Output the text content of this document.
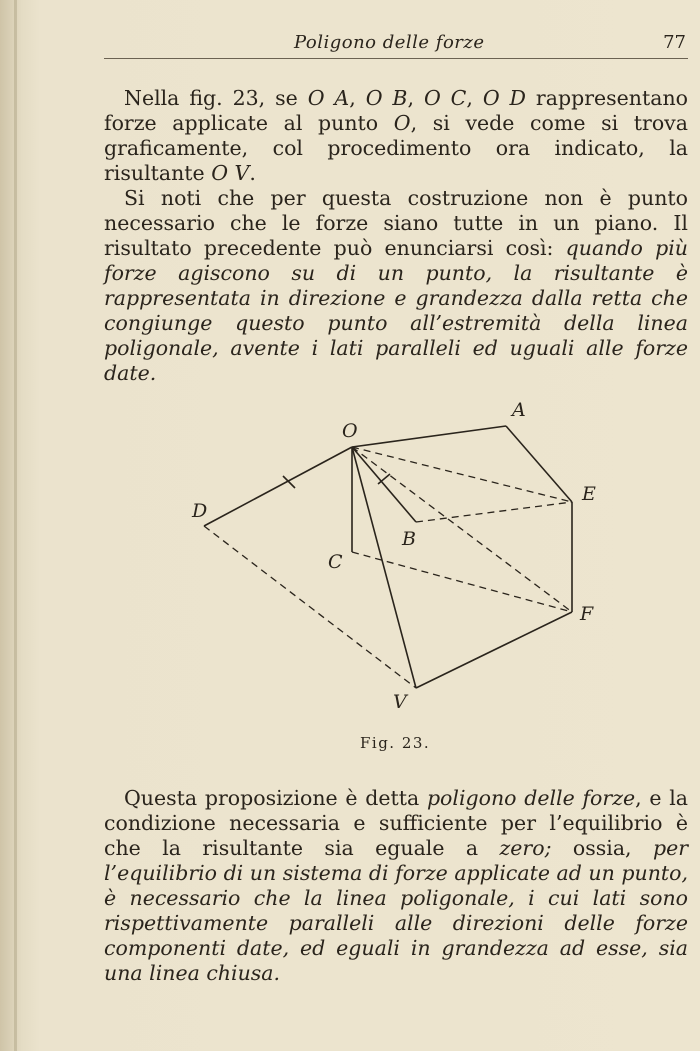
Poligono delle forze	77

Nella fig. 23, se O A, O B, O C, O D rappresentano forze applicate al punto O, si vede come si trova graficamente, col procedimento ora indicato, la risultante O V.

Si noti che per questa costruzione non è punto necessario che le forze siano tutte in un piano. Il risultato precedente può enunciarsi così: quando più forze agiscono su di un punto, la risultante è rappresentata in direzione e grandezza dalla retta che congiunge questo punto all’estremità della linea poligonale, avente i lati paralleli ed uguali alle forze date.

O
A
B
C
D
E
F
V
Fig. 23.

Questa proposizione è detta poligono delle forze, e la condizione necessaria e sufficiente per l’equilibrio è che la risultante sia eguale a zero; ossia, per l’equilibrio di un sistema di forze applicate ad un punto, è necessario che la linea poligonale, i cui lati sono rispettivamente paralleli alle direzioni delle forze componenti date, ed eguali in grandezza ad esse, sia una linea chiusa.
